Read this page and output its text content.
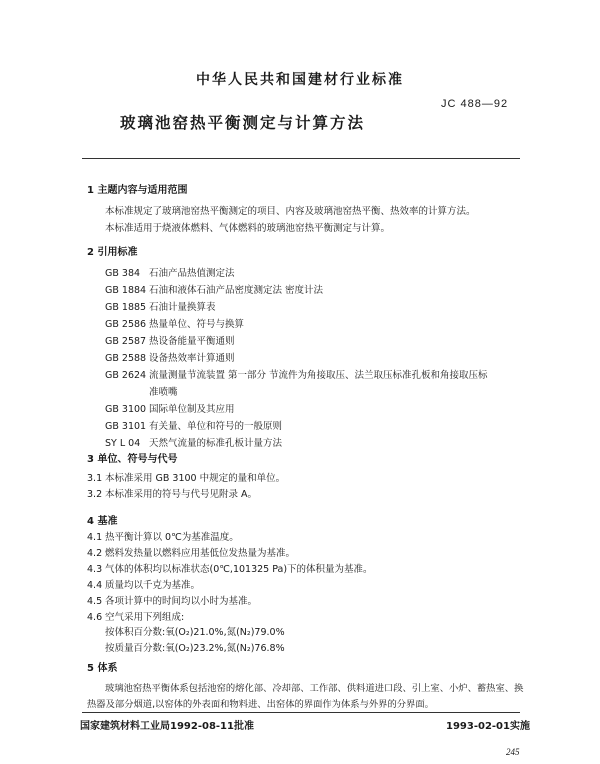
中华人民共和国建材行业标准
JC 488—92
玻璃池窑热平衡测定与计算方法
1 主题内容与适用范围
本标准规定了玻璃池窑热平衡测定的项目、内容及玻璃池窑热平衡、热效率的计算方法。
本标准适用于烧液体燃料、气体燃料的玻璃池窑热平衡测定与计算。
2 引用标准
GB 384 石油产品热值测定法
GB 1884 石油和液体石油产品密度测定法 密度计法
GB 1885 石油计量换算表
GB 2586 热量单位、符号与换算
GB 2587 热设备能量平衡通则
GB 2588 设备热效率计算通则
GB 2624 流量测量节流装置 第一部分 节流件为角接取压、法兰取压标准孔板和角接取压标
准喷嘴
GB 3100 国际单位制及其应用
GB 3101 有关量、单位和符号的一般原则
SY L 04 天然气流量的标准孔板计量方法
3 单位、符号与代号
3.1 本标准采用 GB 3100 中规定的量和单位。
3.2 本标准采用的符号与代号见附录 A。
4 基准
4.1 热平衡计算以 0℃为基准温度。
4.2 燃料发热量以燃料应用基低位发热量为基准。
4.3 气体的体积均以标准状态(0℃,101325 Pa)下的体积量为基准。
4.4 质量均以千克为基准。
4.5 各项计算中的时间均以小时为基准。
4.6 空气采用下列组成:
按体积百分数:氧(O₂)21.0%,氮(N₂)79.0%
按质量百分数:氧(O₂)23.2%,氮(N₂)76.8%
5 体系
玻璃池窑热平衡体系包括池窑的熔化部、冷却部、工作部、供料道进口段、引上室、小炉、蓄热室、换
国家建筑材料工业局1992-08-11批准	1993-02-01实施
245
热器及部分烟道,以窑体的外表面和物料进、出窑体的界面作为体系与外界的分界面。
